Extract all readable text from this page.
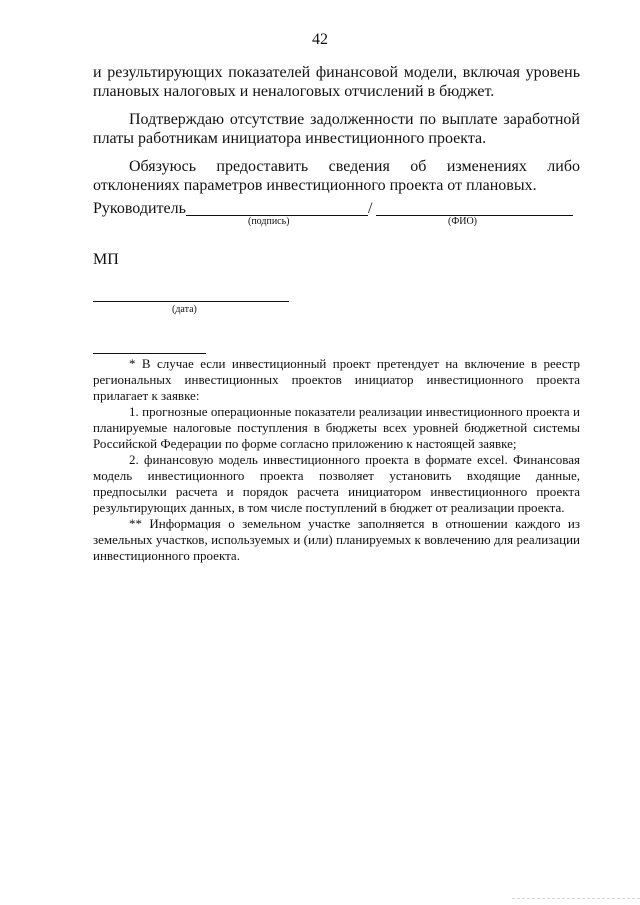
42

и результирующих показателей финансовой модели, включая уровень плановых налоговых и неналоговых отчислений в бюджет.

Подтверждаю отсутствие задолженности по выплате заработной платы работникам инициатора инвестиционного проекта.

Обязуюсь предоставить сведения об изменениях либо отклонениях параметров инвестиционного проекта от плановых.

Руководитель	/
(подпись)	(ФИО)
МП
(дата)

* В случае если инвестиционный проект претендует на включение в реестр региональных инвестиционных проектов инициатор инвестиционного проекта прилагает к заявке:

1. прогнозные операционные показатели реализации инвестиционного проекта и планируемые налоговые поступления в бюджеты всех уровней бюджетной системы Российской Федерации по форме согласно приложению к настоящей заявке;

2. финансовую модель инвестиционного проекта в формате excel. Финансовая модель инвестиционного проекта позволяет установить входящие данные, предпосылки расчета и порядок расчета инициатором инвестиционного проекта результирующих данных, в том числе поступлений в бюджет от реализации проекта.

** Информация о земельном участке заполняется в отношении каждого из земельных участков, используемых и (или) планируемых к вовлечению для реализации инвестиционного проекта.
